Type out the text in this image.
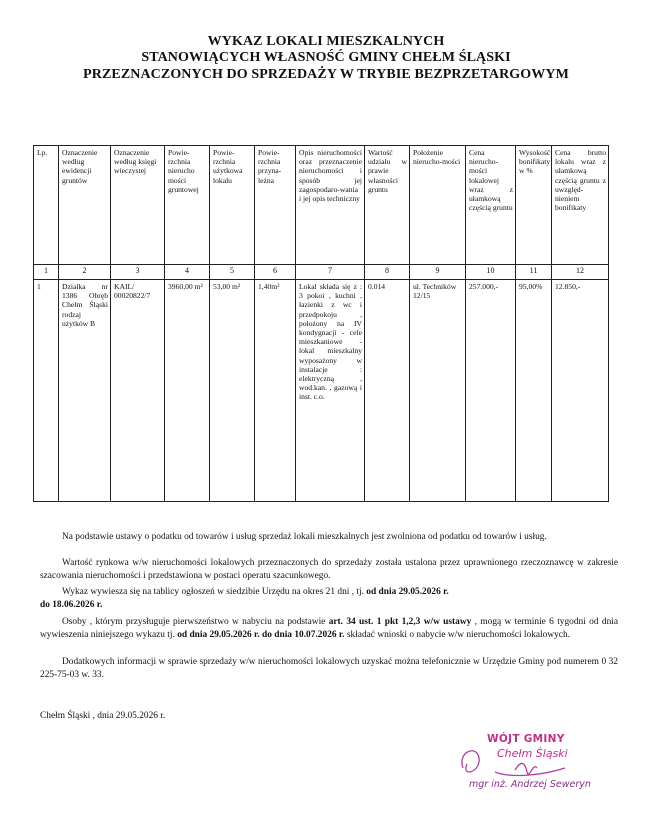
WYKAZ LOKALI MIESZKALNYCH
STANOWIĄCYCH WŁASNOŚĆ GMINY CHEŁM ŚLĄSKI
PRZEZNACZONYCH DO SPRZEDAŻY W TRYBIE BEZPRZETARGOWYM
Lp.	Oznaczenie według ewidencji gruntów	Oznaczenie według księgi wieczystej	Powie-rzchnia nierucho mości gruntowej	Powie-rzchnia użytkowa lokalu	Powie-rzchnia przyna-leżna	Opis nieruchomości oraz przeznaczenie nieruchomości i sposób jej zagospodaro-wania i jej opis techniczny	Wartość udziału w prawie własności gruntu	Położenie nierucho-mości	Cena nierucho-mości lokalowej wraz z ułamkową częścią gruntu	Wysokość bonifikaty w %	Cena brutto lokalu wraz z ułamkową częścią gruntu z uwzględ-nieniem bonifikaty
1	2	3	4	5	6	7	8	9	10	11	12
1	Działka nr 1386 Obręb Chełm Śląski rodzaj użytków B	KAIL/ 00020822/7	3960,00 m²	53,00 m²	1,40m²	Lokal składa się z : 3 pokoi , kuchni , łazienki z wc i przedpokoju , położony na IV kondygnacji - cele mieszkaniowe - lokal mieszkalny wyposażony w instalacje : elektryczną , wod.kan. , gazową i inst. c.o.	0.014	ul. Techników 12/15	257.000,-	95,00%	12.850,-
Na podstawie ustawy o podatku od towarów i usług sprzedaż lokali mieszkalnych jest zwolniona od podatku od towarów i usług.
Wartość rynkowa w/w nieruchomości lokalowych przeznaczonych do sprzedaży została ustalona przez uprawnionego rzeczoznawcę w zakresie szacowania nieruchomości i przedstawiona w postaci operatu szacunkowego.
Wykaz wywiesza się na tablicy ogłoszeń w siedzibie Urzędu na okres 21 dni , tj. od dnia 29.05.2026 r.
do 18.06.2026 r.
Osoby , którym przysługuje pierwszeństwo w nabyciu na podstawie art. 34 ust. 1 pkt 1,2,3 w/w ustawy , mogą w terminie 6 tygodni od dnia wywieszenia niniejszego wykazu tj. od dnia 29.05.2026 r. do dnia 10.07.2026 r. składać wnioski o nabycie w/w nieruchomości lokalowych.
Dodatkowych informacji w sprawie sprzedaży w/w nieruchomości lokalowych uzyskać można telefonicznie w Urzędzie Gminy pod numerem 0 32 225-75-03 w. 33.
Chełm Śląski , dnia 29.05.2026 r.
WÓJT GMINY
Chełm Śląski
mgr inż. Andrzej Seweryn
